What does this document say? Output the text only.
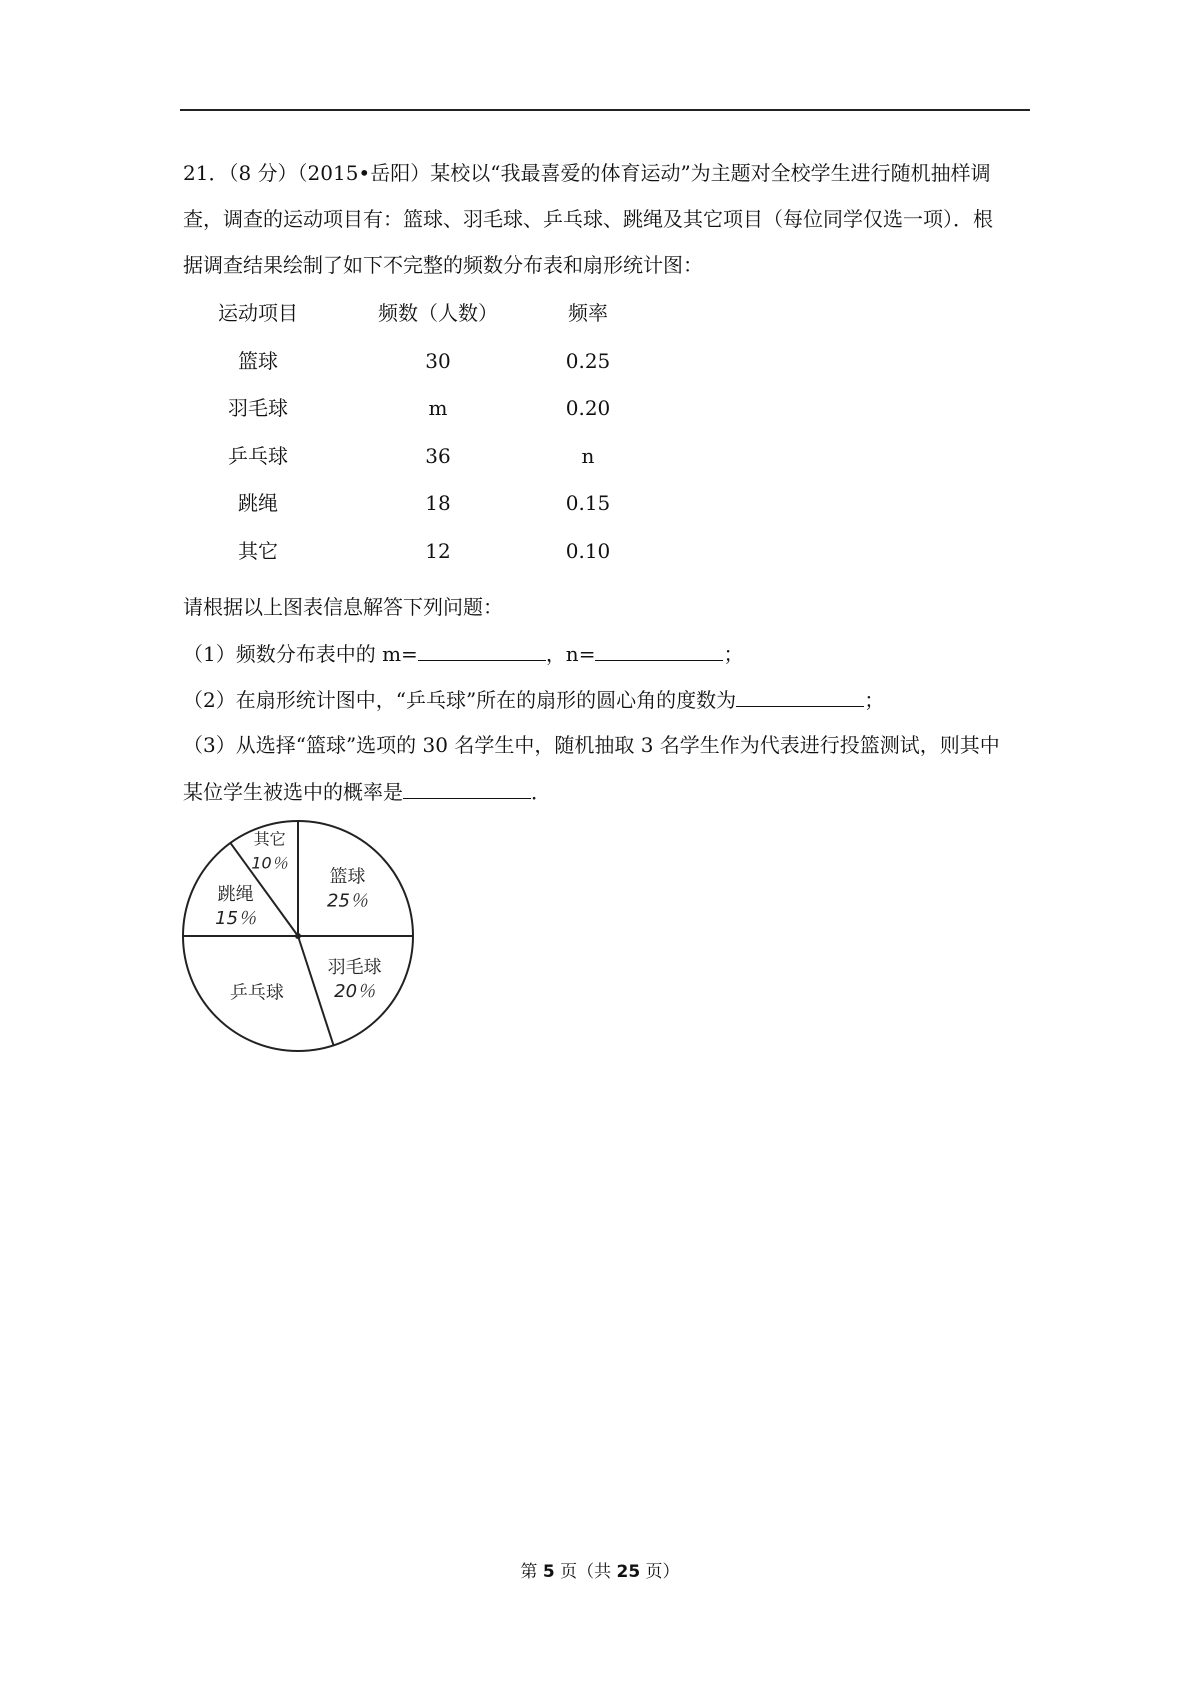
21．（8 分）（2015•岳阳）某校以“我最喜爱的体育运动”为主题对全校学生进行随机抽样调
查，调查的运动项目有：篮球、羽毛球、乒乓球、跳绳及其它项目（每位同学仅选一项）．根
据调查结果绘制了如下不完整的频数分布表和扇形统计图：
运动项目	频数（人数）	频率
篮球	30	0.25
羽毛球	m	0.20
乒乓球	36	n
跳绳	18	0.15
其它	12	0.10
请根据以上图表信息解答下列问题：
（1）频数分布表中的 m=	，n=	；
（2）在扇形统计图中，“乒乓球”所在的扇形的圆心角的度数为	；
（3）从选择“篮球”选项的 30 名学生中，随机抽取 3 名学生作为代表进行投篮测试，则其中
某位学生被选中的概率是	．
篮球
25％
羽毛球
20％
乒乓球
跳绳
15％
其它
10％
第 5 页（共 25 页）
